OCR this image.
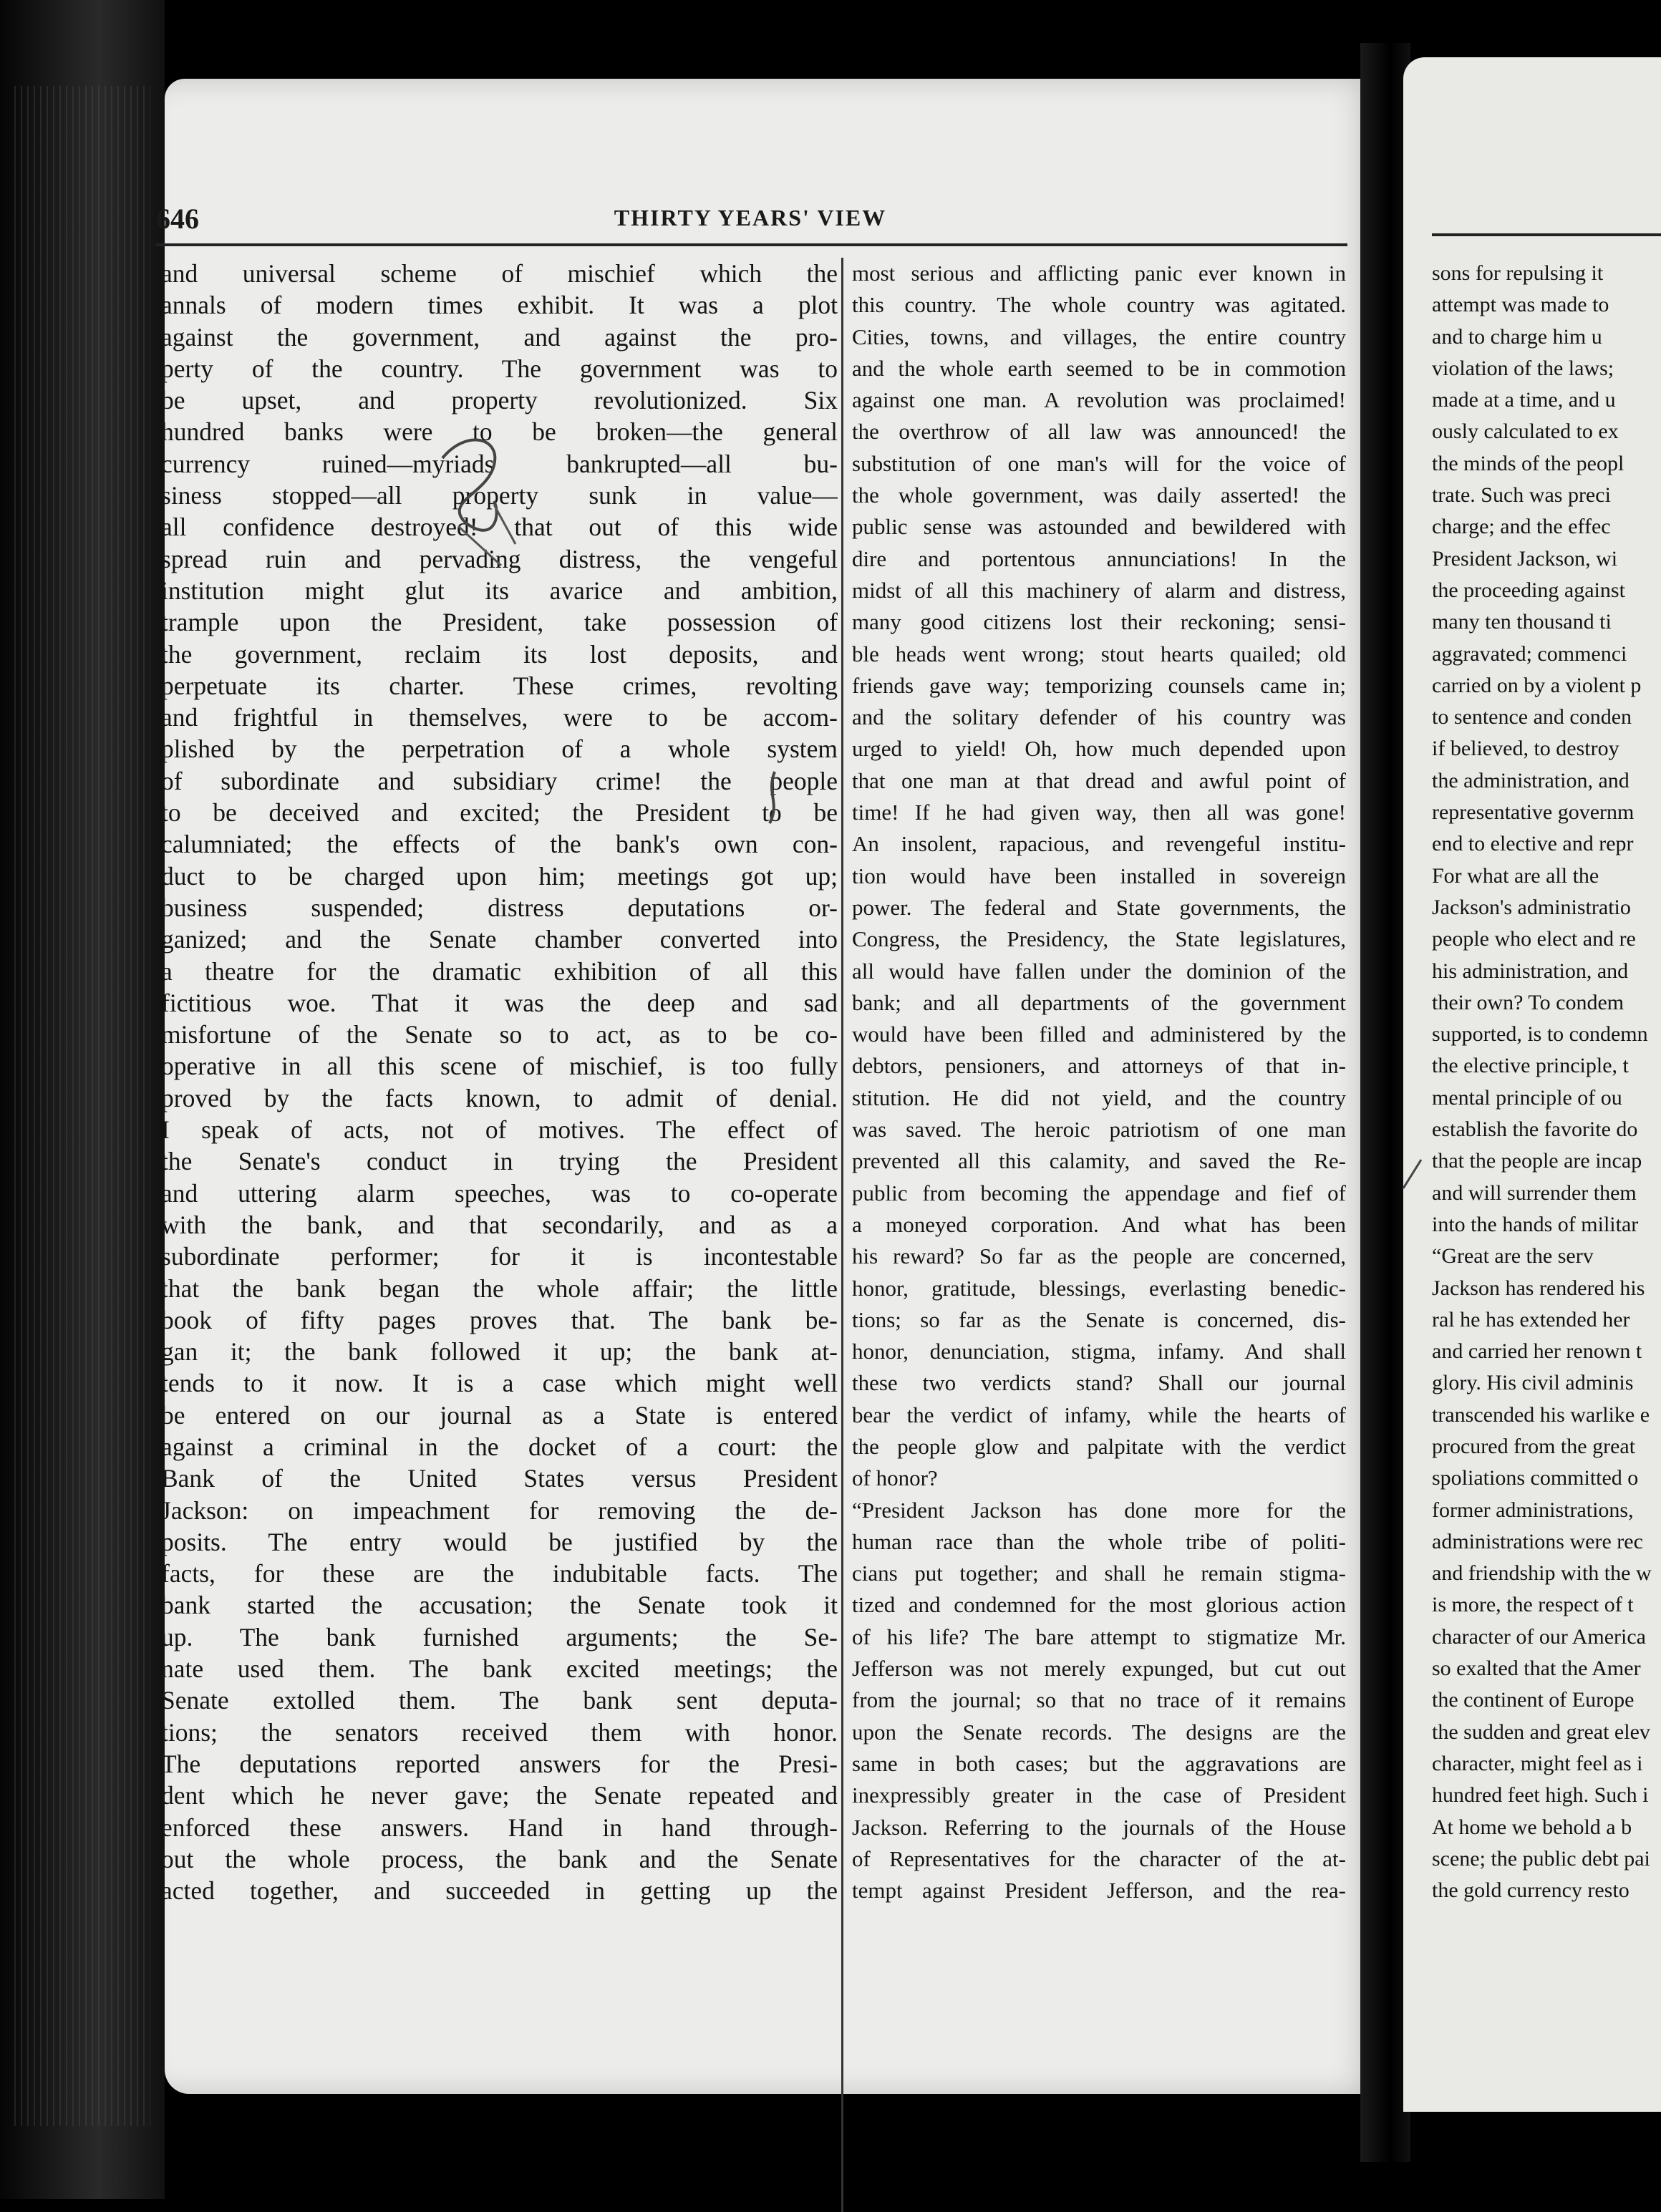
sons for repulsing it
attempt was made to
and to charge him u
violation of the laws;
made at a time, and u
ously calculated to ex
the minds of the peopl
trate. Such was preci
charge; and the effec
President Jackson, wi
the proceeding against
many ten thousand ti
aggravated; commenci
carried on by a violent p
to sentence and conden
if believed, to destroy
the administration, and
representative governm
end to elective and repr
For what are all the
Jackson's administratio
people who elect and re
his administration, and
their own? To condem
supported, is to condemn
the elective principle, t
mental principle of ou
establish the favorite do
that the people are incap
and will surrender them
into the hands of militar
“Great are the serv
Jackson has rendered his
ral he has extended her
and carried her renown t
glory. His civil adminis
transcended his warlike e
procured from the great
spoliations committed o
former administrations,
administrations were rec
and friendship with the w
is more, the respect of t
character of our America
so exalted that the Amer
the continent of Europe
the sudden and great elev
character, might feel as i
hundred feet high. Such i
At home we behold a b
scene; the public debt pai
the gold currency resto
646	THIRTY YEARS' VIEW
and universal scheme of mischief which the
annals of modern times exhibit. It was a plot
against the government, and against the pro-
perty of the country. The government was to
be upset, and property revolutionized. Six
hundred banks were to be broken—the general
currency ruined—myriads bankrupted—all bu-
siness stopped—all property sunk in value—
all confidence destroyed! that out of this wide
spread ruin and pervading distress, the vengeful
institution might glut its avarice and ambition,
trample upon the President, take possession of
the government, reclaim its lost deposits, and
perpetuate its charter. These crimes, revolting
and frightful in themselves, were to be accom-
plished by the perpetration of a whole system
of subordinate and subsidiary crime! the people
to be deceived and excited; the President to be
calumniated; the effects of the bank's own con-
duct to be charged upon him; meetings got up;
business suspended; distress deputations or-
ganized; and the Senate chamber converted into
a theatre for the dramatic exhibition of all this
fictitious woe. That it was the deep and sad
misfortune of the Senate so to act, as to be co-
operative in all this scene of mischief, is too fully
proved by the facts known, to admit of denial.
I speak of acts, not of motives. The effect of
the Senate's conduct in trying the President
and uttering alarm speeches, was to co-operate
with the bank, and that secondarily, and as a
subordinate performer; for it is incontestable
that the bank began the whole affair; the little
book of fifty pages proves that. The bank be-
gan it; the bank followed it up; the bank at-
tends to it now. It is a case which might well
be entered on our journal as a State is entered
against a criminal in the docket of a court: the
Bank of the United States versus President
Jackson: on impeachment for removing the de-
posits. The entry would be justified by the
facts, for these are the indubitable facts. The
bank started the accusation; the Senate took it
up. The bank furnished arguments; the Se-
nate used them. The bank excited meetings; the
Senate extolled them. The bank sent deputa-
tions; the senators received them with honor.
The deputations reported answers for the Presi-
dent which he never gave; the Senate repeated and
enforced these answers. Hand in hand through-
out the whole process, the bank and the Senate
acted together, and succeeded in getting up the
most serious and afflicting panic ever known in
this country. The whole country was agitated.
Cities, towns, and villages, the entire country
and the whole earth seemed to be in commotion
against one man. A revolution was proclaimed!
the overthrow of all law was announced! the
substitution of one man's will for the voice of
the whole government, was daily asserted! the
public sense was astounded and bewildered with
dire and portentous annunciations! In the
midst of all this machinery of alarm and distress,
many good citizens lost their reckoning; sensi-
ble heads went wrong; stout hearts quailed; old
friends gave way; temporizing counsels came in;
and the solitary defender of his country was
urged to yield! Oh, how much depended upon
that one man at that dread and awful point of
time! If he had given way, then all was gone!
An insolent, rapacious, and revengeful institu-
tion would have been installed in sovereign
power. The federal and State governments, the
Congress, the Presidency, the State legislatures,
all would have fallen under the dominion of the
bank; and all departments of the government
would have been filled and administered by the
debtors, pensioners, and attorneys of that in-
stitution. He did not yield, and the country
was saved. The heroic patriotism of one man
prevented all this calamity, and saved the Re-
public from becoming the appendage and fief of
a moneyed corporation. And what has been
his reward? So far as the people are concerned,
honor, gratitude, blessings, everlasting benedic-
tions; so far as the Senate is concerned, dis-
honor, denunciation, stigma, infamy. And shall
these two verdicts stand? Shall our journal
bear the verdict of infamy, while the hearts of
the people glow and palpitate with the verdict
of honor?
“President Jackson has done more for the
human race than the whole tribe of politi-
cians put together; and shall he remain stigma-
tized and condemned for the most glorious action
of his life? The bare attempt to stigmatize Mr.
Jefferson was not merely expunged, but cut out
from the journal; so that no trace of it remains
upon the Senate records. The designs are the
same in both cases; but the aggravations are
inexpressibly greater in the case of President
Jackson. Referring to the journals of the House
of Representatives for the character of the at-
tempt against President Jefferson, and the rea-
